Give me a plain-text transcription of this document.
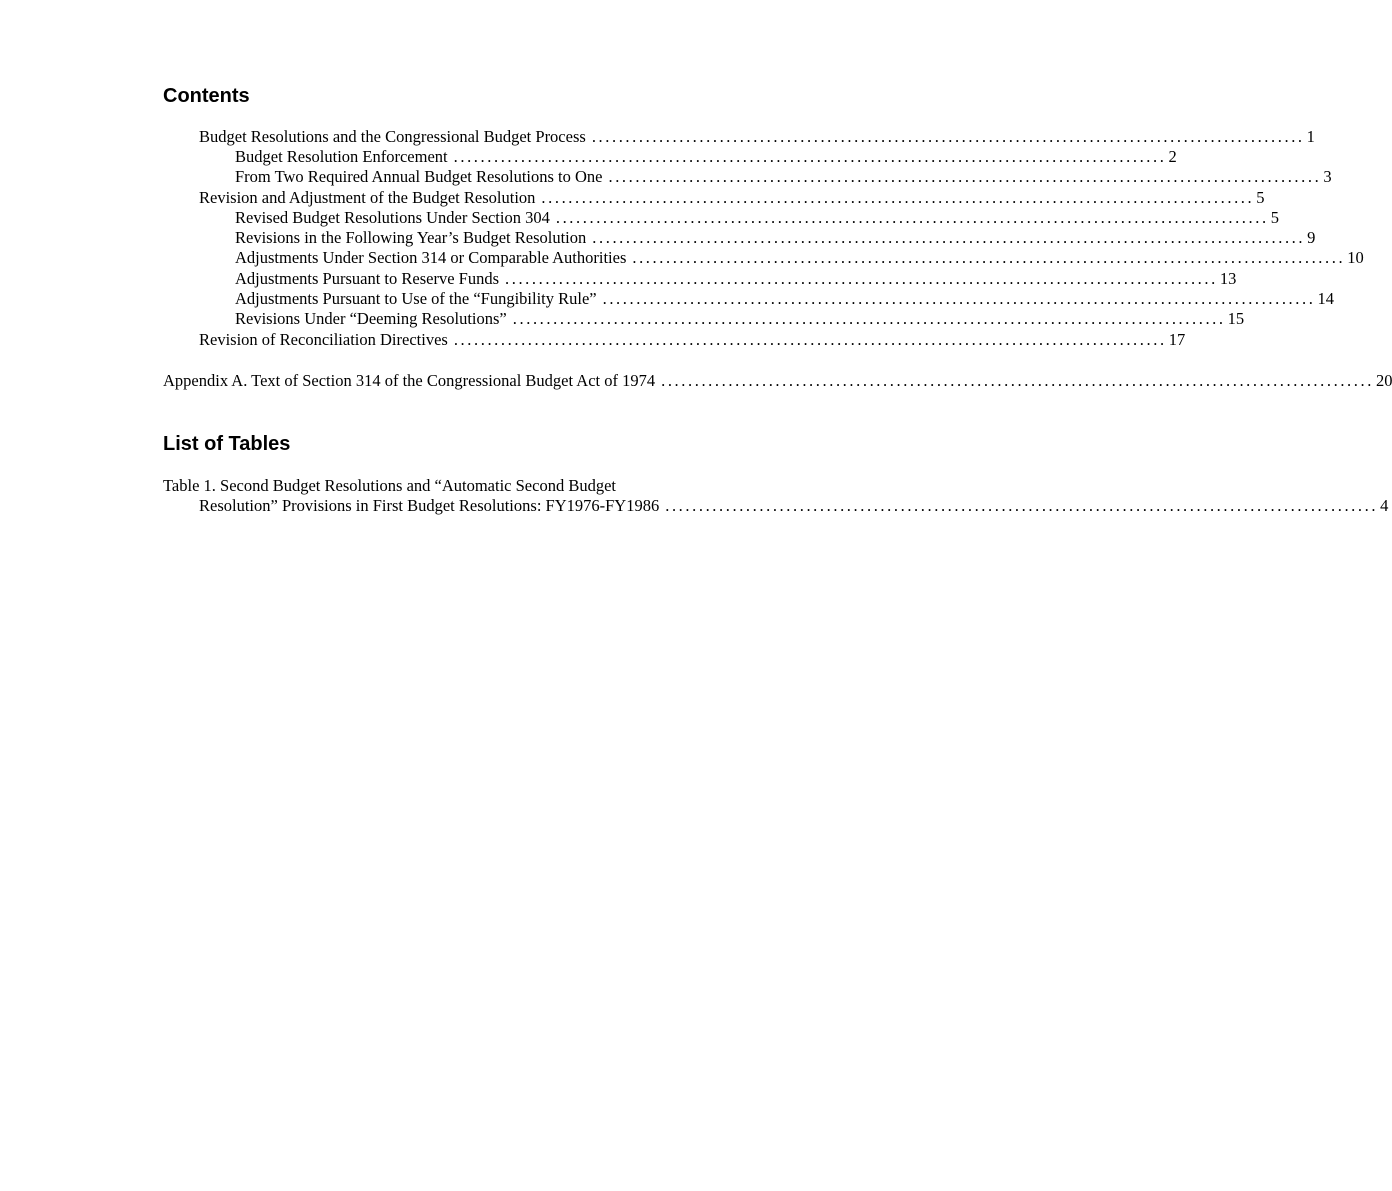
Contents
Budget Resolutions and the Congressional Budget Process .......................................................................................................... 1
Budget Resolution Enforcement .......................................................................................................... 2
From Two Required Annual Budget Resolutions to One .......................................................................................................... 3
Revision and Adjustment of the Budget Resolution .......................................................................................................... 5
Revised Budget Resolutions Under Section 304 .......................................................................................................... 5
Revisions in the Following Year’s Budget Resolution .......................................................................................................... 9
Adjustments Under Section 314 or Comparable Authorities .......................................................................................................... 10
Adjustments Pursuant to Reserve Funds .......................................................................................................... 13
Adjustments Pursuant to Use of the “Fungibility Rule” .......................................................................................................... 14
Revisions Under “Deeming Resolutions” .......................................................................................................... 15
Revision of Reconciliation Directives .......................................................................................................... 17
Appendix A. Text of Section 314 of the Congressional Budget Act of 1974 .......................................................................................................... 20
List of Tables
Table 1. Second Budget Resolutions and “Automatic Second Budget
Resolution” Provisions in First Budget Resolutions: FY1976-FY1986 .......................................................................................................... 4
